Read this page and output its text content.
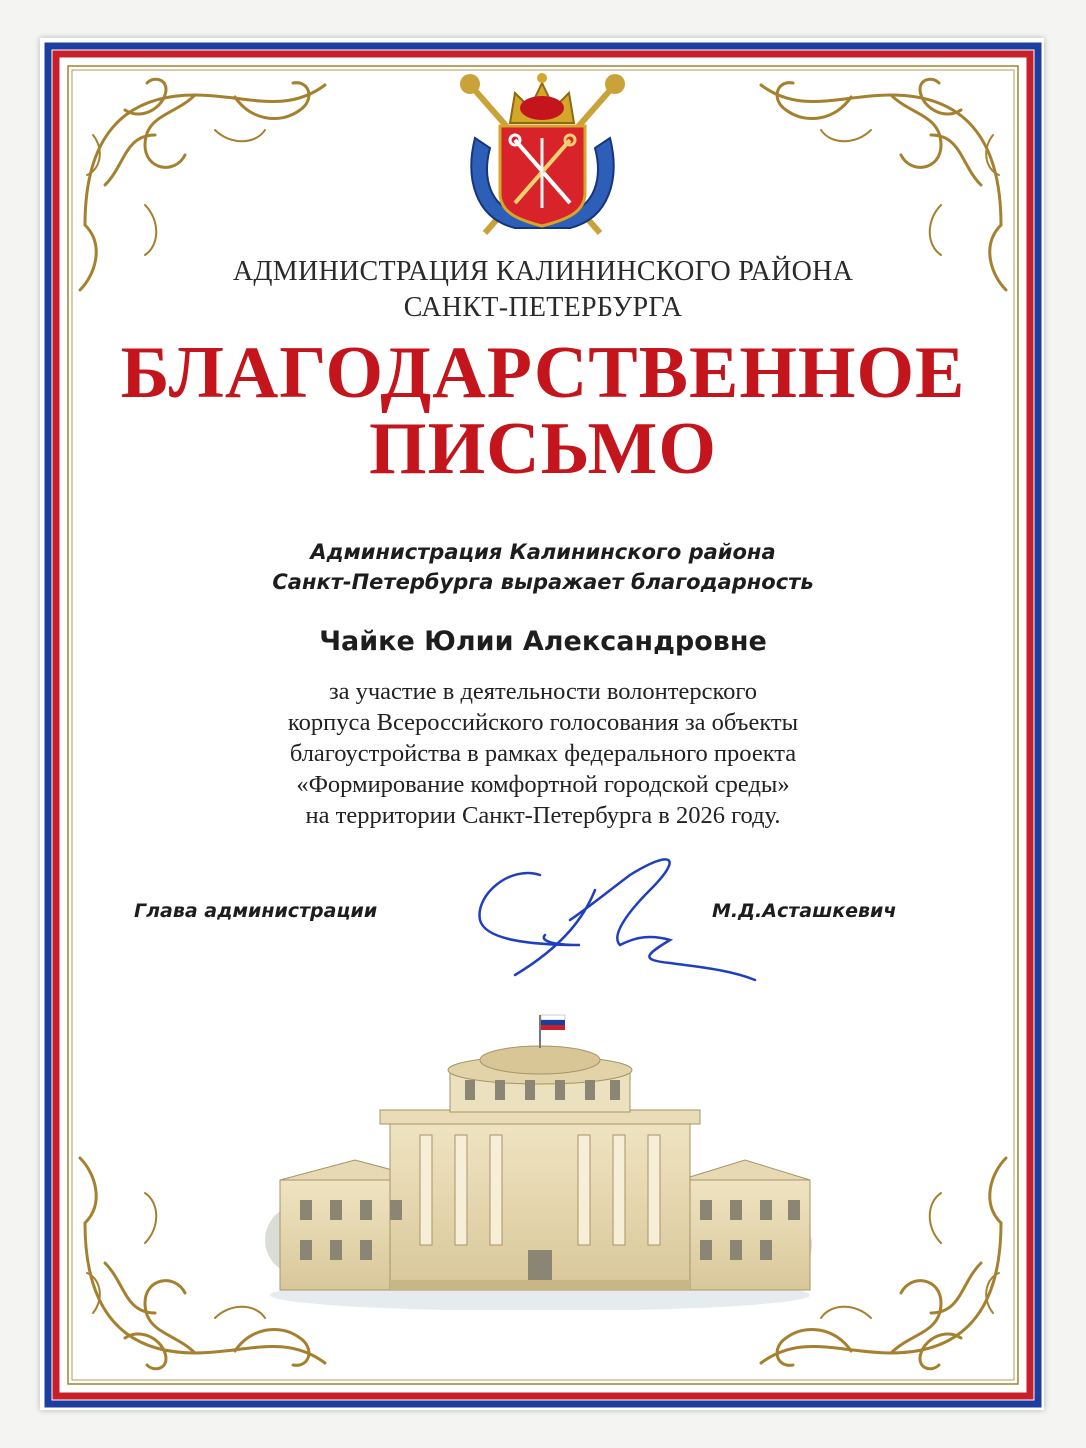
АДМИНИСТРАЦИЯ КАЛИНИНСКОГО РАЙОНА
САНКТ-ПЕТЕРБУРГА
БЛАГОДАРСТВЕННОЕ
ПИСЬМО
Администрация Калининского района
Санкт-Петербурга выражает благодарность
Чайке Юлии Александровне
за участие в деятельности волонтерского
корпуса Всероссийского голосования за объекты
благоустройства в рамках федерального проекта
«Формирование комфортной городской среды»
на территории Санкт-Петербурга в 2026 году.
Глава администрации	М.Д.Асташкевич
